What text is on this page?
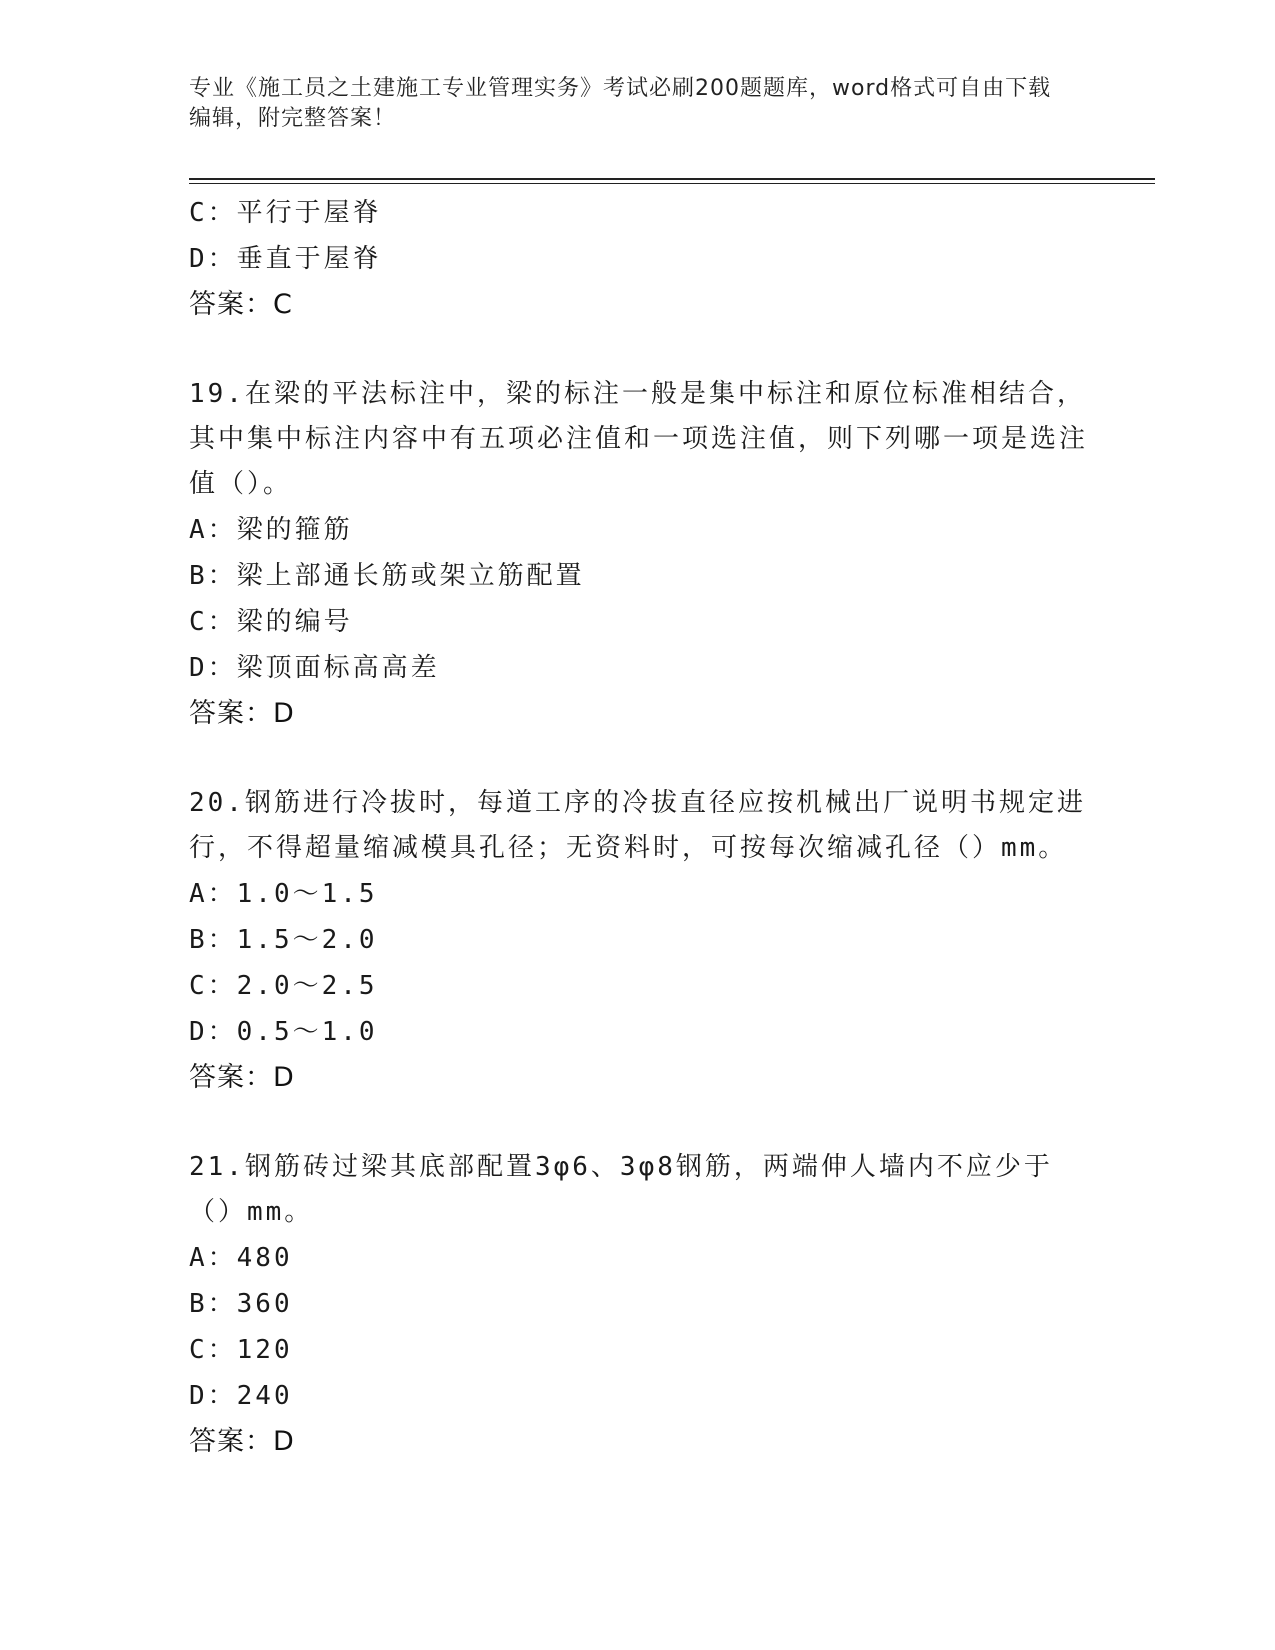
专业《施工员之土建施工专业管理实务》考试必刷200题题库，word格式可自由下载编辑，附完整答案！
C：平行于屋脊
D：垂直于屋脊
答案：C
19.在梁的平法标注中，梁的标注一般是集中标注和原位标准相结合，其中集中标注内容中有五项必注值和一项选注值，则下列哪一项是选注值（）。
A：梁的箍筋
B：梁上部通长筋或架立筋配置
C：梁的编号
D：梁顶面标高高差
答案：D
20.钢筋进行冷拔时，每道工序的冷拔直径应按机械出厂说明书规定进行，不得超量缩减模具孔径；无资料时，可按每次缩减孔径（）mm。
A：1.0～1.5
B：1.5～2.0
C：2.0～2.5
D：0.5～1.0
答案：D
21.钢筋砖过梁其底部配置3φ6、3φ8钢筋，两端伸人墙内不应少于（）mm。
A：480
B：360
C：120
D：240
答案：D
